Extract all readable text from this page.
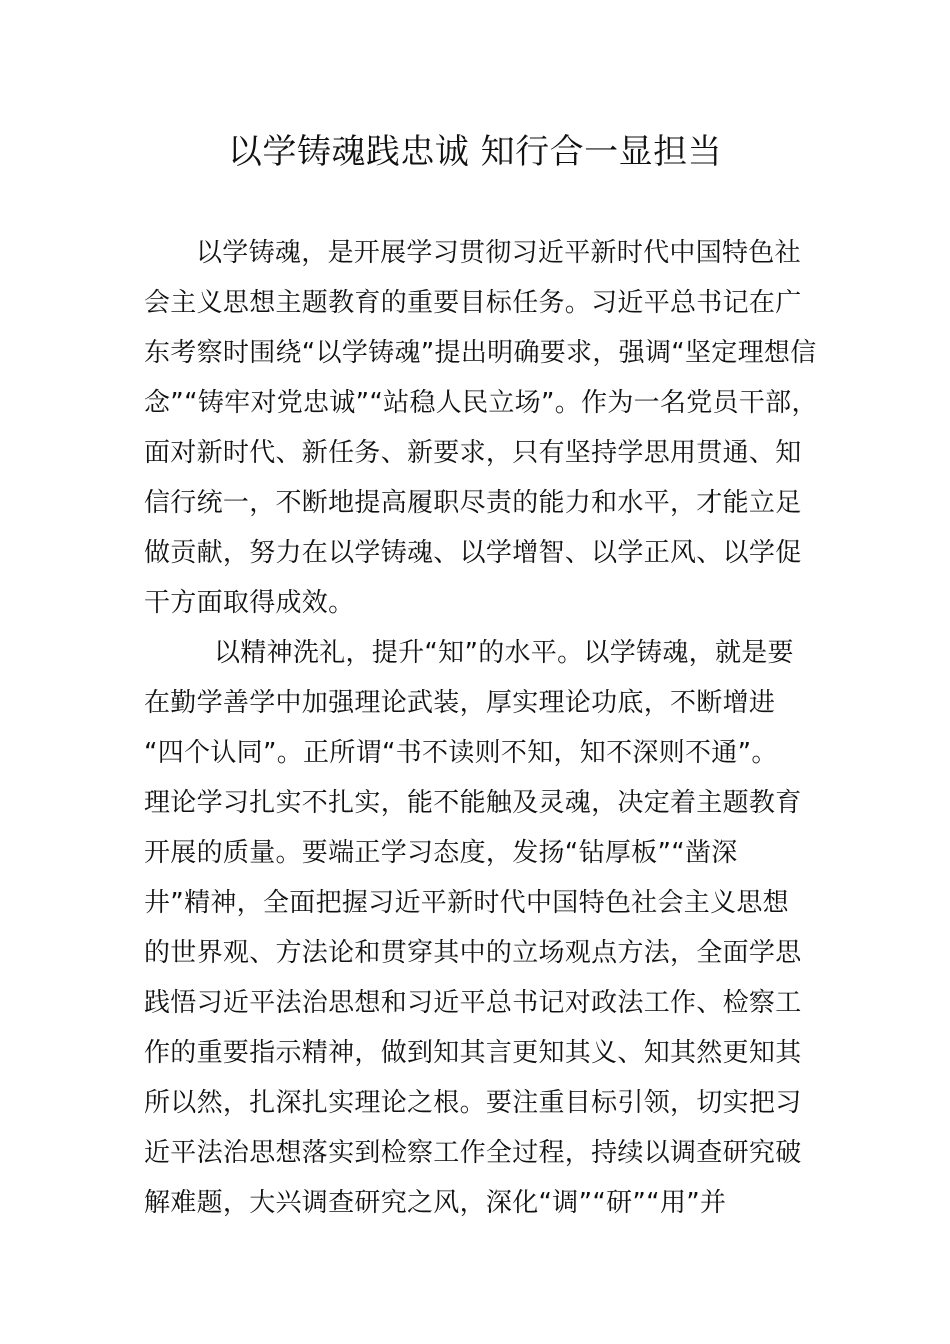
以学铸魂践忠诚 知行合一显担当
以学铸魂，是开展学习贯彻习近平新时代中国特色社
会主义思想主题教育的重要目标任务。习近平总书记在广
东考察时围绕“以学铸魂”提出明确要求，强调“坚定理想信
念”“铸牢对党忠诚”“站稳人民立场”。作为一名党员干部，
面对新时代、新任务、新要求，只有坚持学思用贯通、知
信行统一，不断地提高履职尽责的能力和水平，才能立足
做贡献，努力在以学铸魂、以学增智、以学正风、以学促
干方面取得成效。
以精神洗礼，提升“知”的水平。以学铸魂，就是要
在勤学善学中加强理论武装，厚实理论功底，不断增进
“四个认同”。正所谓“书不读则不知，知不深则不通”。
理论学习扎实不扎实，能不能触及灵魂，决定着主题教育
开展的质量。要端正学习态度，发扬“钻厚板”“凿深
井”精神，全面把握习近平新时代中国特色社会主义思想
的世界观、方法论和贯穿其中的立场观点方法，全面学思
践悟习近平法治思想和习近平总书记对政法工作、检察工
作的重要指示精神，做到知其言更知其义、知其然更知其
所以然，扎深扎实理论之根。要注重目标引领，切实把习
近平法治思想落实到检察工作全过程，持续以调查研究破
解难题，大兴调查研究之风，深化“调”“研”“用”并
